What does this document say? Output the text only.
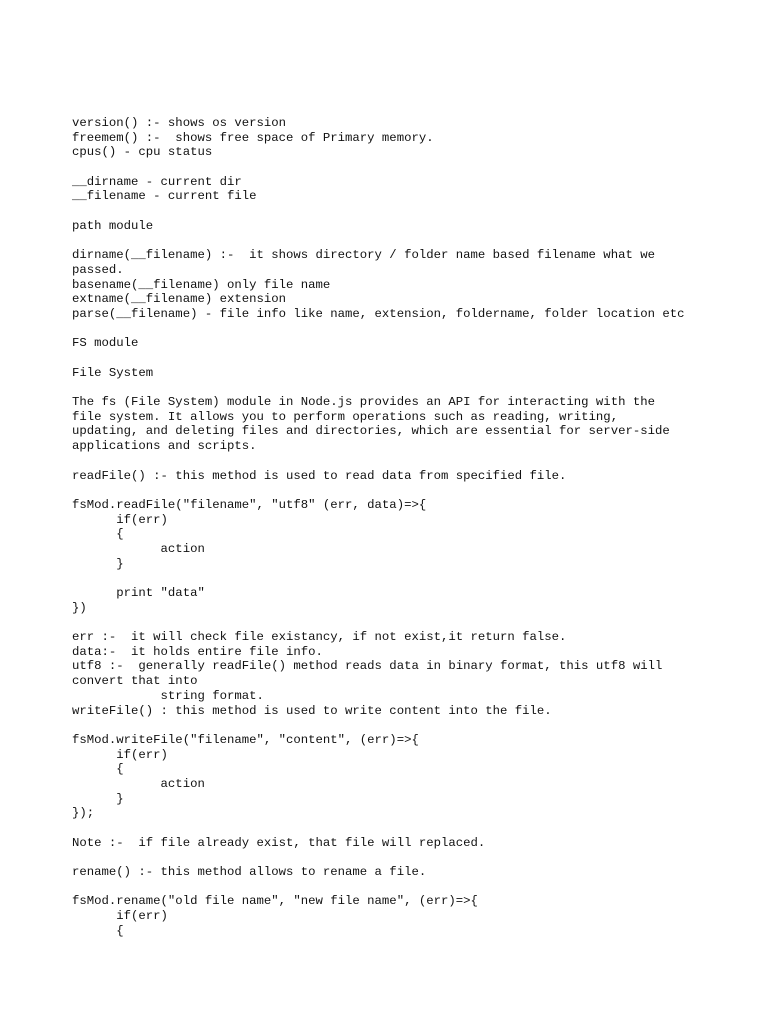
version() :- shows os version
freemem() :-  shows free space of Primary memory.
cpus() - cpu status
__dirname - current dir
__filename - current file
path module
dirname(__filename) :-  it shows directory / folder name based filename what we
passed.
basename(__filename) only file name
extname(__filename) extension
parse(__filename) - file info like name, extension, foldername, folder location etc
FS module
File System
The fs (File System) module in Node.js provides an API for interacting with the
file system. It allows you to perform operations such as reading, writing,
updating, and deleting files and directories, which are essential for server-side
applications and scripts.
readFile() :- this method is used to read data from specified file.
fsMod.readFile("filename", "utf8" (err, data)=>{
if(err)
{
action
}
print "data"
})
err :-  it will check file existancy, if not exist,it return false.
data:-  it holds entire file info.
utf8 :-  generally readFile() method reads data in binary format, this utf8 will
convert that into
string format.
writeFile() : this method is used to write content into the file.
fsMod.writeFile("filename", "content", (err)=>{
if(err)
{
action
}
});
Note :-  if file already exist, that file will replaced.
rename() :- this method allows to rename a file.
fsMod.rename("old file name", "new file name", (err)=>{
if(err)
{
